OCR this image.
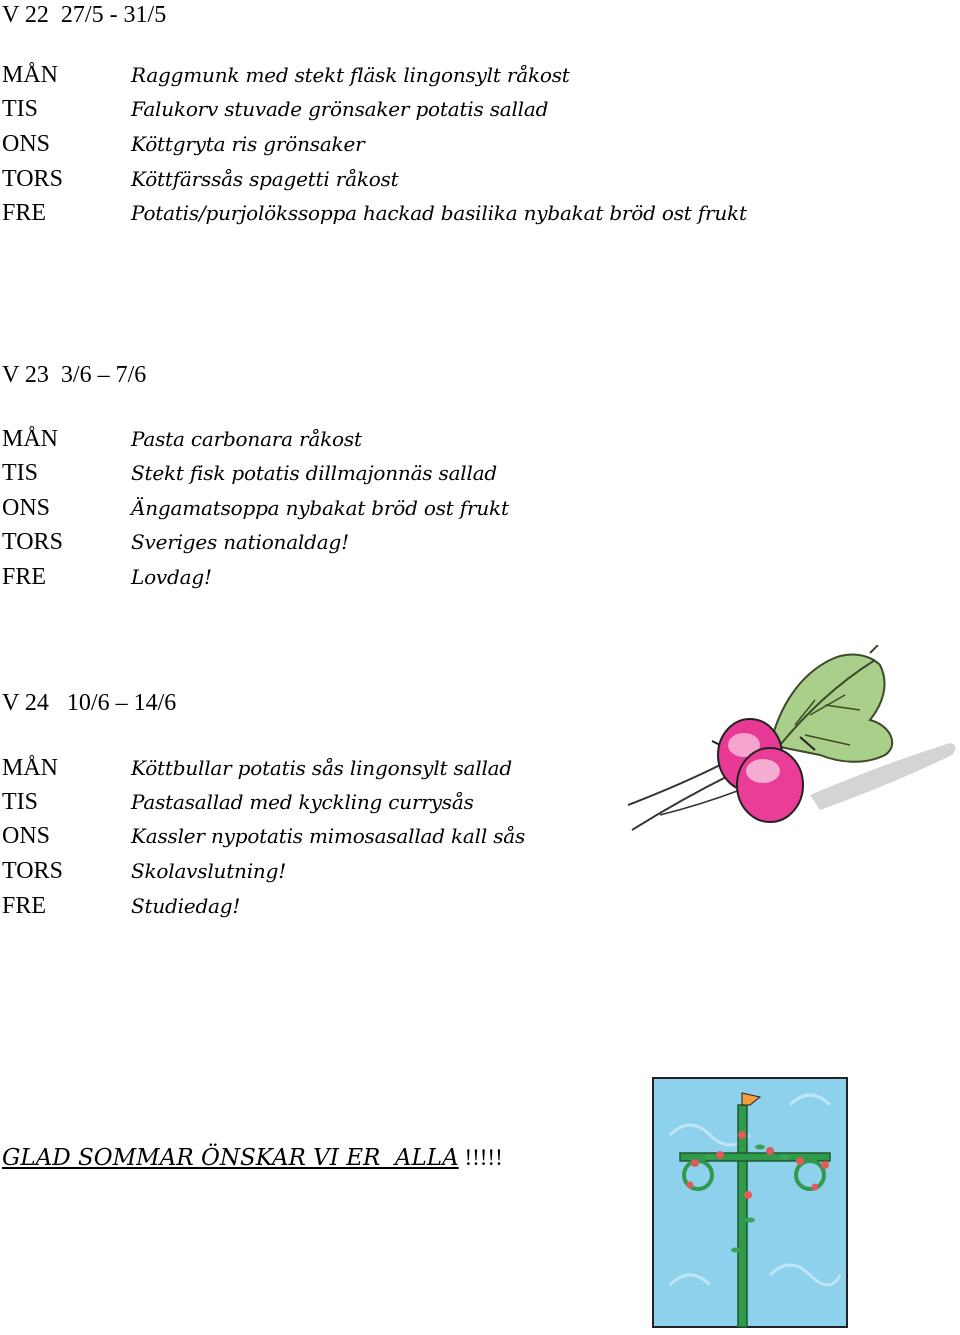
V 22  27/5 - 31/5
MÅN	Raggmunk med stekt fläsk lingonsylt råkost
TIS	Falukorv stuvade grönsaker potatis sallad
ONS	Köttgryta ris grönsaker
TORS	Köttfärssås spagetti råkost
FRE	Potatis/purjolökssoppa hackad basilika nybakat bröd ost frukt
V 23  3/6 – 7/6
MÅN	Pasta carbonara råkost
TIS	Stekt fisk potatis dillmajonnäs sallad
ONS	Ängamatsoppa nybakat bröd ost frukt
TORS	Sveriges nationaldag!
FRE	Lovdag!
V 24   10/6 – 14/6
MÅN	Köttbullar potatis sås lingonsylt sallad
TIS	Pastasallad med kyckling currysås
ONS	Kassler nypotatis mimosasallad kall sås
TORS	Skolavslutning!
FRE	Studiedag!
GLAD SOMMAR ÖNSKAR VI ER  ALLA !!!!!
